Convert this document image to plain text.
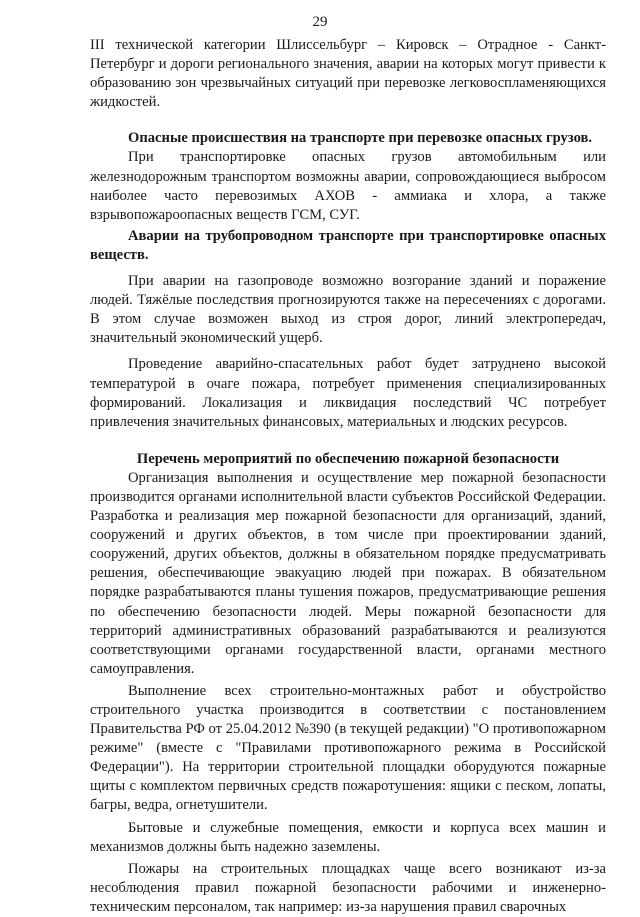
29

III технической категории Шлиссельбург – Кировск – Отрадное - Санкт-Петербург и дороги регионального значения, аварии на которых могут привести к образованию зон чрезвычайных ситуаций при перевозке легковоспламеняющихся жидкостей.

Опасные происшествия на транспорте при перевозке опасных грузов.

При транспортировке опасных грузов автомобильным или железнодорожным транспортом возможны аварии, сопровождающиеся выбросом наиболее часто перевозимых АХОВ - аммиака и хлора, а также взрывопожароопасных веществ ГСМ, СУГ.

Аварии на трубопроводном транспорте при транспортировке опасных веществ.

При аварии на газопроводе возможно возгорание зданий и поражение людей. Тяжёлые последствия прогнозируются также на пересечениях с дорогами. В этом случае возможен выход из строя дорог, линий электропередач, значительный экономический ущерб.

Проведение аварийно-спасательных работ будет затруднено высокой температурой в очаге пожара, потребует применения специализированных формирований. Локализация и ликвидация последствий ЧС потребует привлечения значительных финансовых, материальных и людских ресурсов.

Перечень мероприятий по обеспечению пожарной безопасности

Организация выполнения и осуществление мер пожарной безопасности производится органами исполнительной власти субъектов Российской Федерации. Разработка и реализация мер пожарной безопасности для организаций, зданий, сооружений и других объектов, в том числе при проектировании зданий, сооружений, других объектов, должны в обязательном порядке предусматривать решения, обеспечивающие эвакуацию людей при пожарах. В обязательном порядке разрабатываются планы тушения пожаров, предусматривающие решения по обеспечению безопасности людей. Меры пожарной безопасности для территорий административных образований разрабатываются и реализуются соответствующими органами государственной власти, органами местного самоуправления.

Выполнение всех строительно-монтажных работ и обустройство строительного участка производится в соответствии с постановлением Правительства РФ от 25.04.2012 №390 (в текущей редакции) "О противопожарном режиме" (вместе с "Правилами противопожарного режима в Российской Федерации"). На территории строительной площадки оборудуются пожарные щиты с комплектом первичных средств пожаротушения: ящики с песком, лопаты, багры, ведра, огнетушители.

Бытовые и служебные помещения, емкости и корпуса всех машин и механизмов должны быть надежно заземлены.

Пожары на строительных площадках чаще всего возникают из-за несоблюдения правил пожарной безопасности рабочими и инженерно-техническим персоналом, так например: из-за нарушения правил сварочных
